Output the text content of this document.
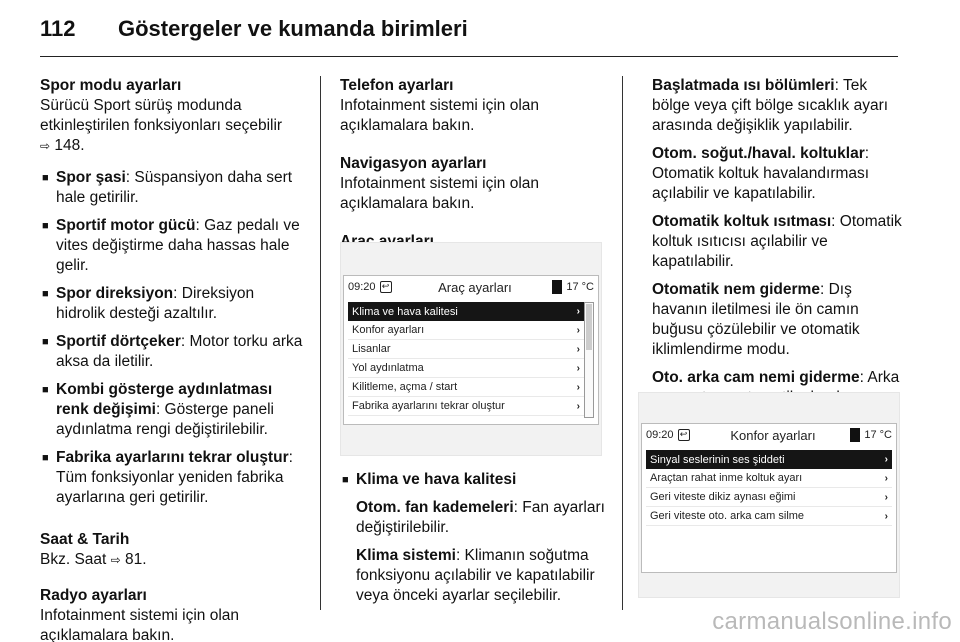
112	Göstergeler ve kumanda birimleri
Spor modu ayarları
Sürücü Sport sürüş modunda etkinleştirilen fonksiyonları seçebilir
⇨ 148.
■ Spor şasi: Süspansiyon daha sert hale getirilir.
■ Sportif motor gücü: Gaz pedalı ve vites değiştirme daha hassas hale gelir.
■ Spor direksiyon: Direksiyon hidrolik desteği azaltılır.
■ Sportif dörtçeker: Motor torku arka aksa da iletilir.
■ Kombi gösterge aydınlatması renk değişimi: Gösterge paneli aydınlatma rengi değiştirilebilir.
■ Fabrika ayarlarını tekrar oluştur: Tüm fonksiyonlar yeniden fabrika ayarlarına geri getirilir.
Saat & Tarih
Bkz. Saat ⇨ 81.
Radyo ayarları
Infotainment sistemi için olan açıklamalara bakın.
Telefon ayarları
Infotainment sistemi için olan açıklamalara bakın.
Navigasyon ayarları
Infotainment sistemi için olan açıklamalara bakın.
09:20 ↩	Araç ayarları	17 °C
Klima ve hava kalitesi	›
Konfor ayarları	›
Lisanlar	›
Yol aydınlatma	›
Kilitleme, açma / start	›
Fabrika ayarlarını tekrar oluştur	›
■ Klima ve hava kalitesi
Otom. fan kademeleri: Fan ayarları değiştirilebilir.
Klima sistemi: Klimanın soğutma fonksiyonu açılabilir ve kapatılabilir veya önceki ayarlar seçilebilir.
Başlatmada ısı bölümleri: Tek bölge veya çift bölge sıcaklık ayarı arasında değişiklik yapılabilir.
Otom. soğut./haval. koltuklar: Otomatik koltuk havalandırması açılabilir ve kapatılabilir.
Otomatik koltuk ısıtması: Otomatik koltuk ısıtıcısı açılabilir ve kapatılabilir.
Otomatik nem giderme: Dış havanın iletilmesi ile ön camın buğusu çözülebilir ve otomatik iklimlendirme modu.
Oto. arka cam nemi giderme: Arka
09:20 ↩	Konfor ayarları	17 °C
Sinyal seslerinin ses şiddeti	›
Araçtan rahat inme koltuk ayarı	›
Geri viteste dikiz aynası eğimi	›
Geri viteste oto. arka cam silme	›
carmanualsonline.info
